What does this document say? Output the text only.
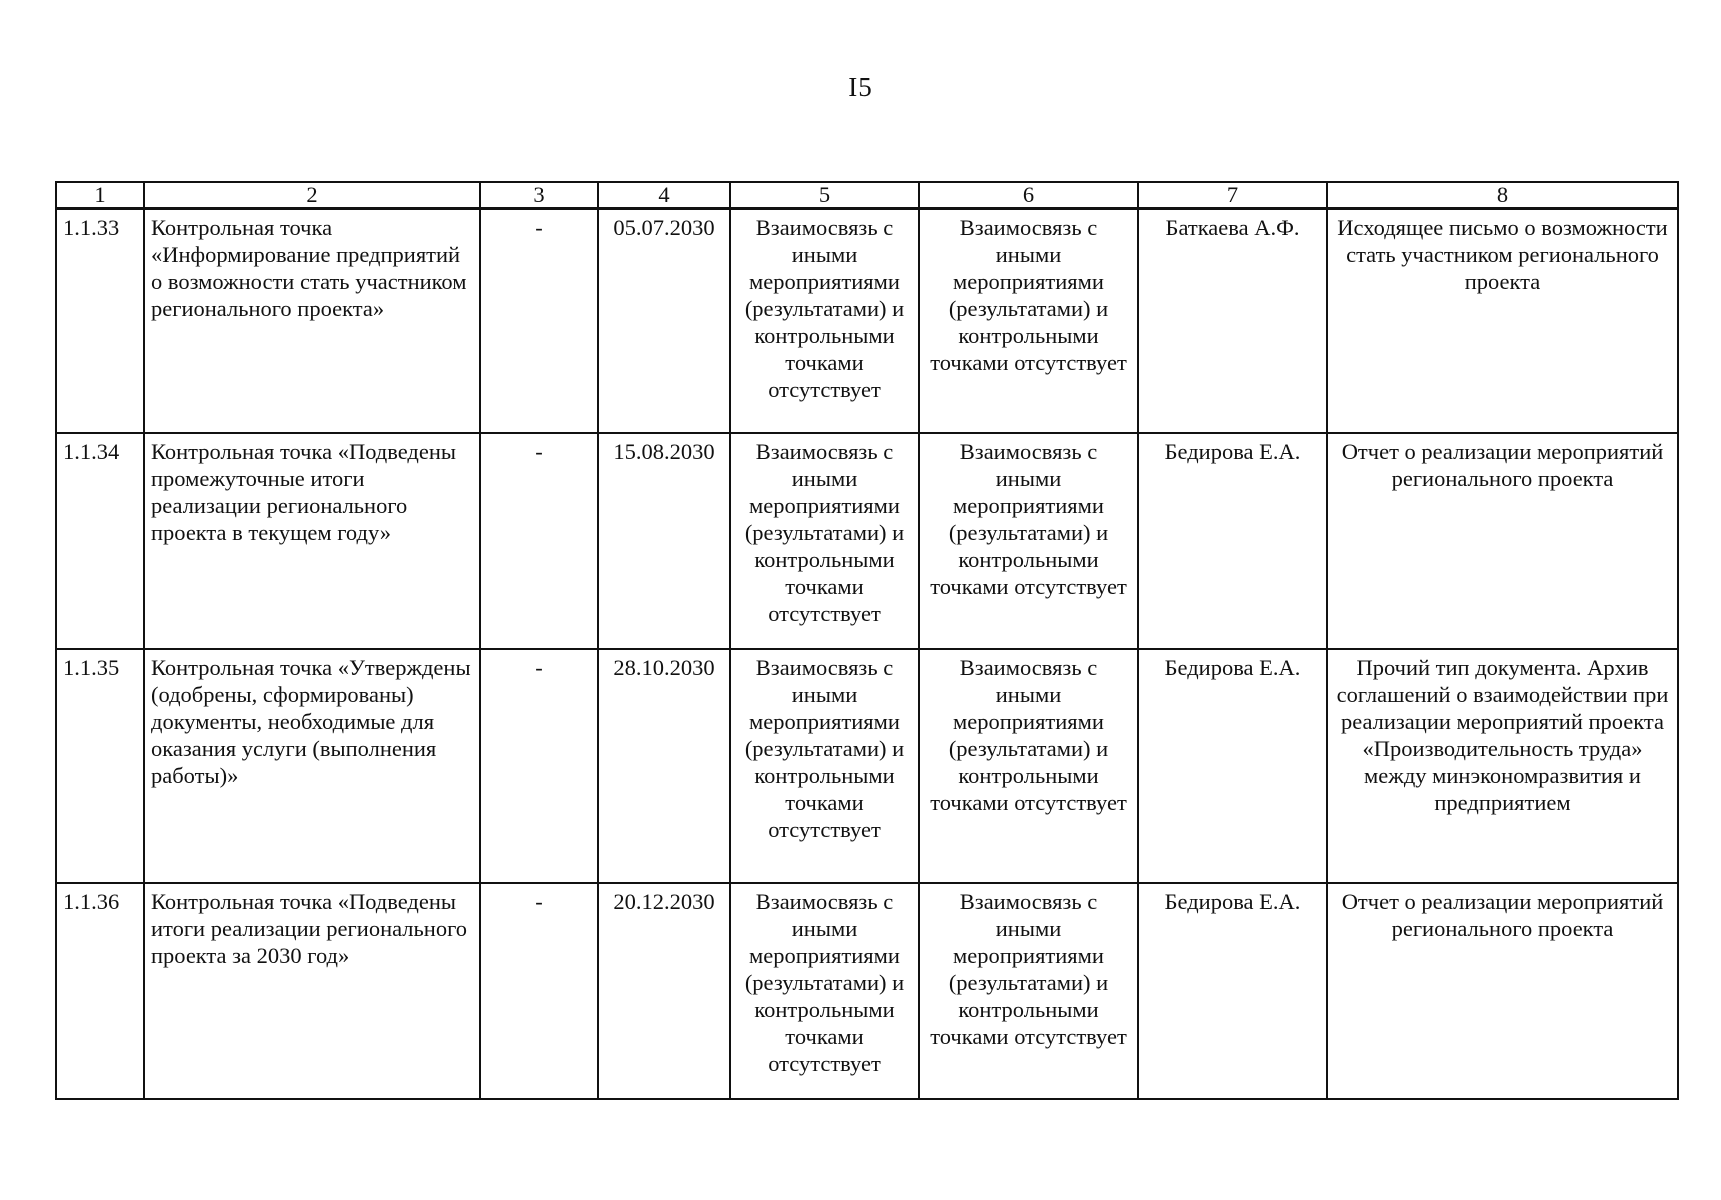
I5
1	2	3	4	5	6	7	8
1.1.33	Контрольная точка «Информирование предприятий о возможности стать участником регионального проекта»	-	05.07.2030	Взаимосвязь с иными мероприятиями (результатами) и контрольными точками отсутствует	Взаимосвязь с иными мероприятиями (результатами) и контрольными точками отсутствует	Баткаева А.Ф.	Исходящее письмо о возможности стать участником регионального проекта
1.1.34	Контрольная точка «Подведены промежуточные итоги реализации регионального проекта в текущем году»	-	15.08.2030	Взаимосвязь с иными мероприятиями (результатами) и контрольными точками отсутствует	Взаимосвязь с иными мероприятиями (результатами) и контрольными точками отсутствует	Бедирова Е.А.	Отчет о реализации мероприятий регионального проекта
1.1.35	Контрольная точка «Утверждены (одобрены, сформированы) документы, необходимые для оказания услуги (выполнения работы)»	-	28.10.2030	Взаимосвязь с иными мероприятиями (результатами) и контрольными точками отсутствует	Взаимосвязь с иными мероприятиями (результатами) и контрольными точками отсутствует	Бедирова Е.А.	Прочий тип документа. Архив соглашений о взаимодействии при реализации мероприятий проекта «Производительность труда» между минэкономразвития и предприятием
1.1.36	Контрольная точка «Подведены итоги реализации регионального проекта за 2030 год»	-	20.12.2030	Взаимосвязь с иными мероприятиями (результатами) и контрольными точками отсутствует	Взаимосвязь с иными мероприятиями (результатами) и контрольными точками отсутствует	Бедирова Е.А.	Отчет о реализации мероприятий регионального проекта
